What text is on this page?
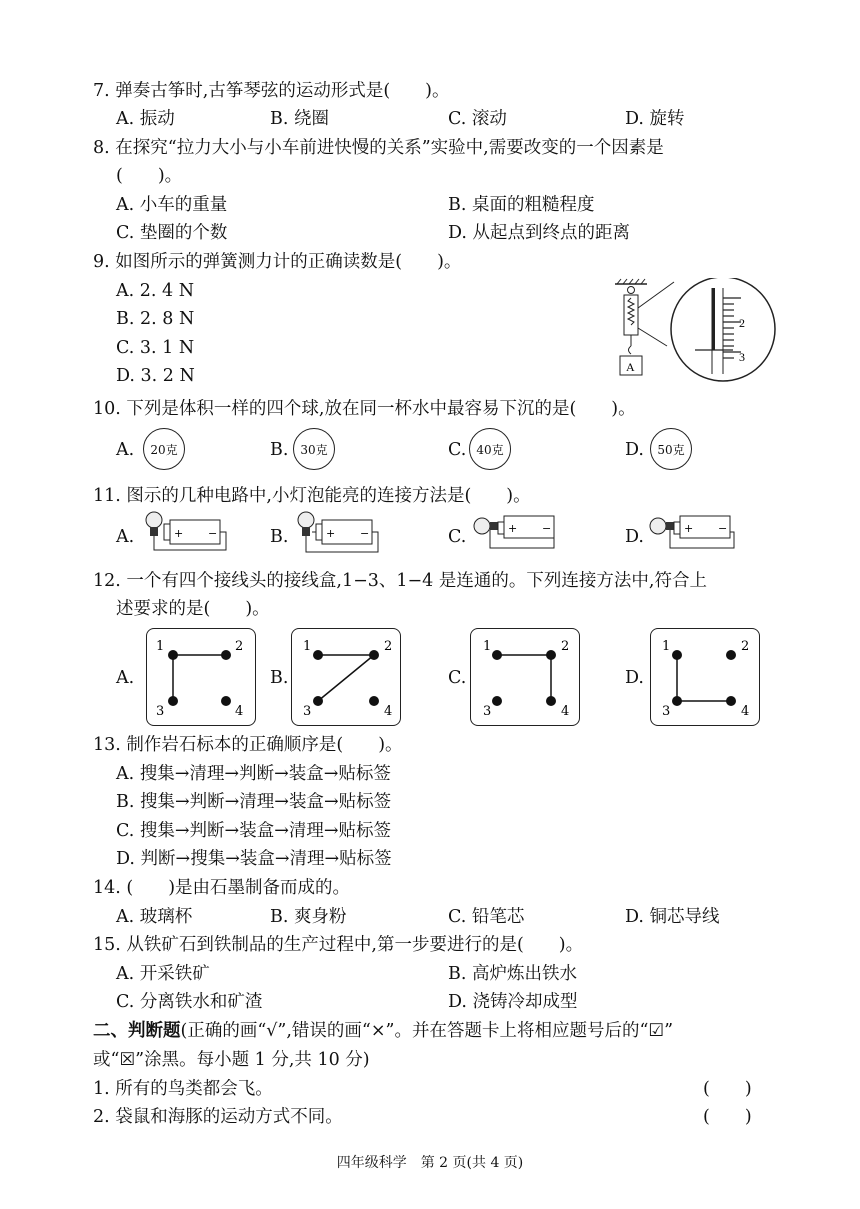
7. 弹奏古筝时,古筝琴弦的运动形式是(　　)。
A. 振动	B. 绕圈	C. 滚动	D. 旋转
8. 在探究“拉力大小与小车前进快慢的关系”实验中,需要改变的一个因素是
(　　)。
A. 小车的重量	B. 桌面的粗糙程度
C. 垫圈的个数	D. 从起点到终点的距离
9. 如图所示的弹簧测力计的正确读数是(　　)。
A. 2. 4 N
B. 2. 8 N
C. 3. 1 N
D. 3. 2 N	A
2
3
10. 下列是体积一样的四个球,放在同一杯水中最容易下沉的是(　　)。
A.	20克	B. 30克	C. 40克	D.	50克
11. 图示的几种电路中,小灯泡能亮的连接方法是(　　)。
A.	+ −	B.	+ −	C.	+ −	D.	+ −
12. 一个有四个接线头的接线盒,1−3、1−4 是连通的。下列连接方法中,符合上
述要求的是(　　)。
A.
1	2
3	4
B.
1	2
3	4
C.
1	2
3	4
D.
1	2
3	4
13. 制作岩石标本的正确顺序是(　　)。
A. 搜集→清理→判断→装盒→贴标签
B. 搜集→判断→清理→装盒→贴标签
C. 搜集→判断→装盒→清理→贴标签
D. 判断→搜集→装盒→清理→贴标签
14. (　　)是由石墨制备而成的。
A. 玻璃杯	B. 爽身粉	C. 铅笔芯	D. 铜芯导线
15. 从铁矿石到铁制品的生产过程中,第一步要进行的是(　　)。
A. 开采铁矿	B. 高炉炼出铁水
C. 分离铁水和矿渣	D. 浇铸冷却成型
二、判断题(正确的画“√”,错误的画“×”。并在答题卡上将相应题号后的“☑”
或“☒”涂黑。每小题 1 分,共 10 分)
1. 所有的鸟类都会飞。	(　　)
2. 袋鼠和海豚的运动方式不同。	(　　)
四年级科学　第 2 页(共 4 页)
